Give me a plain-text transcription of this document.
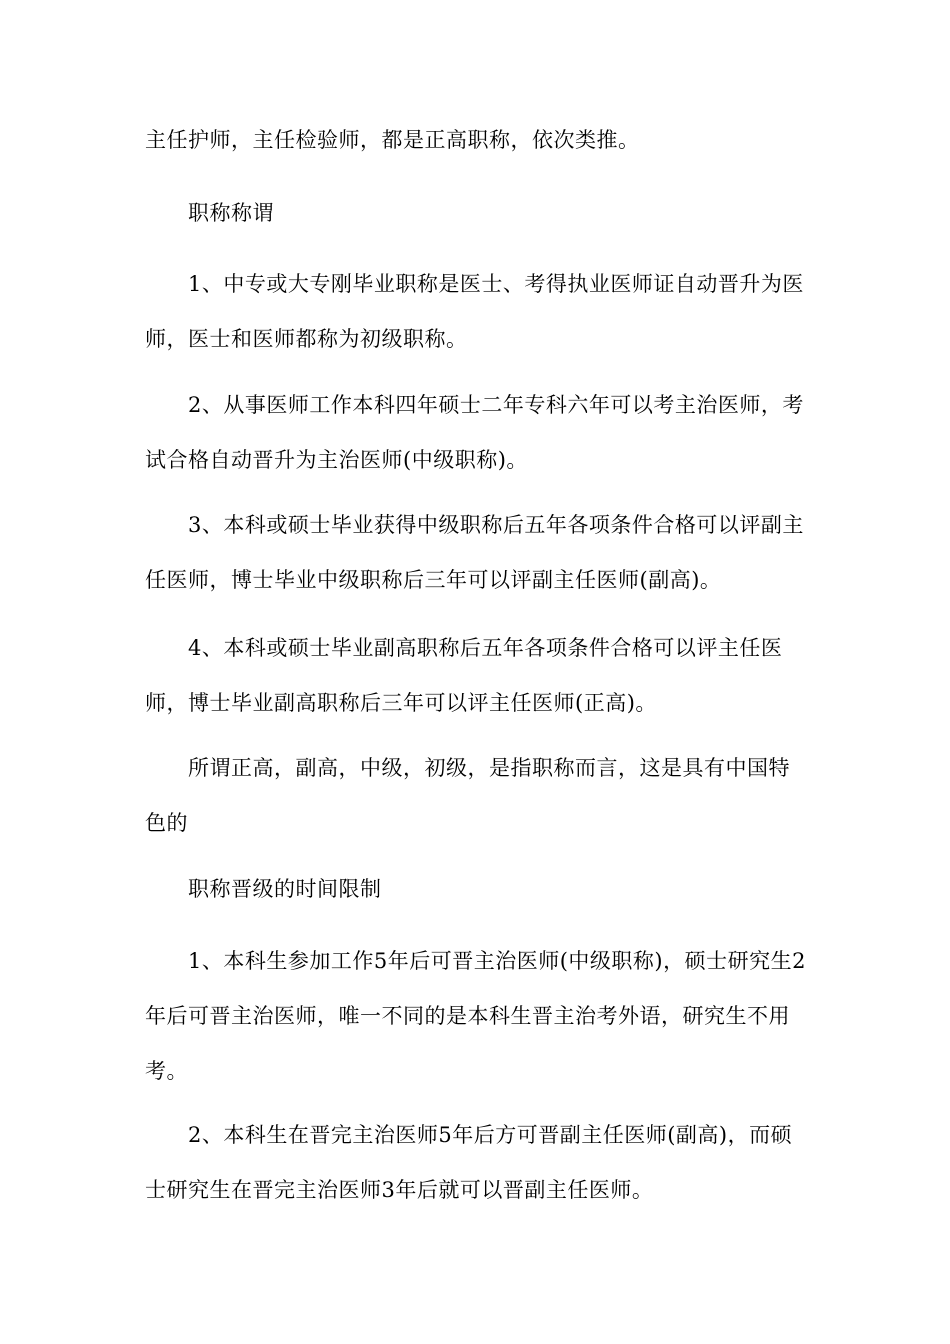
主任护师，主任检验师，都是正高职称，依次类推。

职称称谓

1、中专或大专刚毕业职称是医士、考得执业医师证自动晋升为医师，医士和医师都称为初级职称。

2、从事医师工作本科四年硕士二年专科六年可以考主治医师，考试合格自动晋升为主治医师(中级职称)。

3、本科或硕士毕业获得中级职称后五年各项条件合格可以评副主任医师，博士毕业中级职称后三年可以评副主任医师(副高)。

4、本科或硕士毕业副高职称后五年各项条件合格可以评主任医师，博士毕业副高职称后三年可以评主任医师(正高)。

所谓正高，副高，中级，初级，是指职称而言，这是具有中国特色的

职称晋级的时间限制

1、本科生参加工作5年后可晋主治医师(中级职称)，硕士研究生2年后可晋主治医师，唯一不同的是本科生晋主治考外语，研究生不用考。

2、本科生在晋完主治医师5年后方可晋副主任医师(副高)，而硕士研究生在晋完主治医师3年后就可以晋副主任医师。
